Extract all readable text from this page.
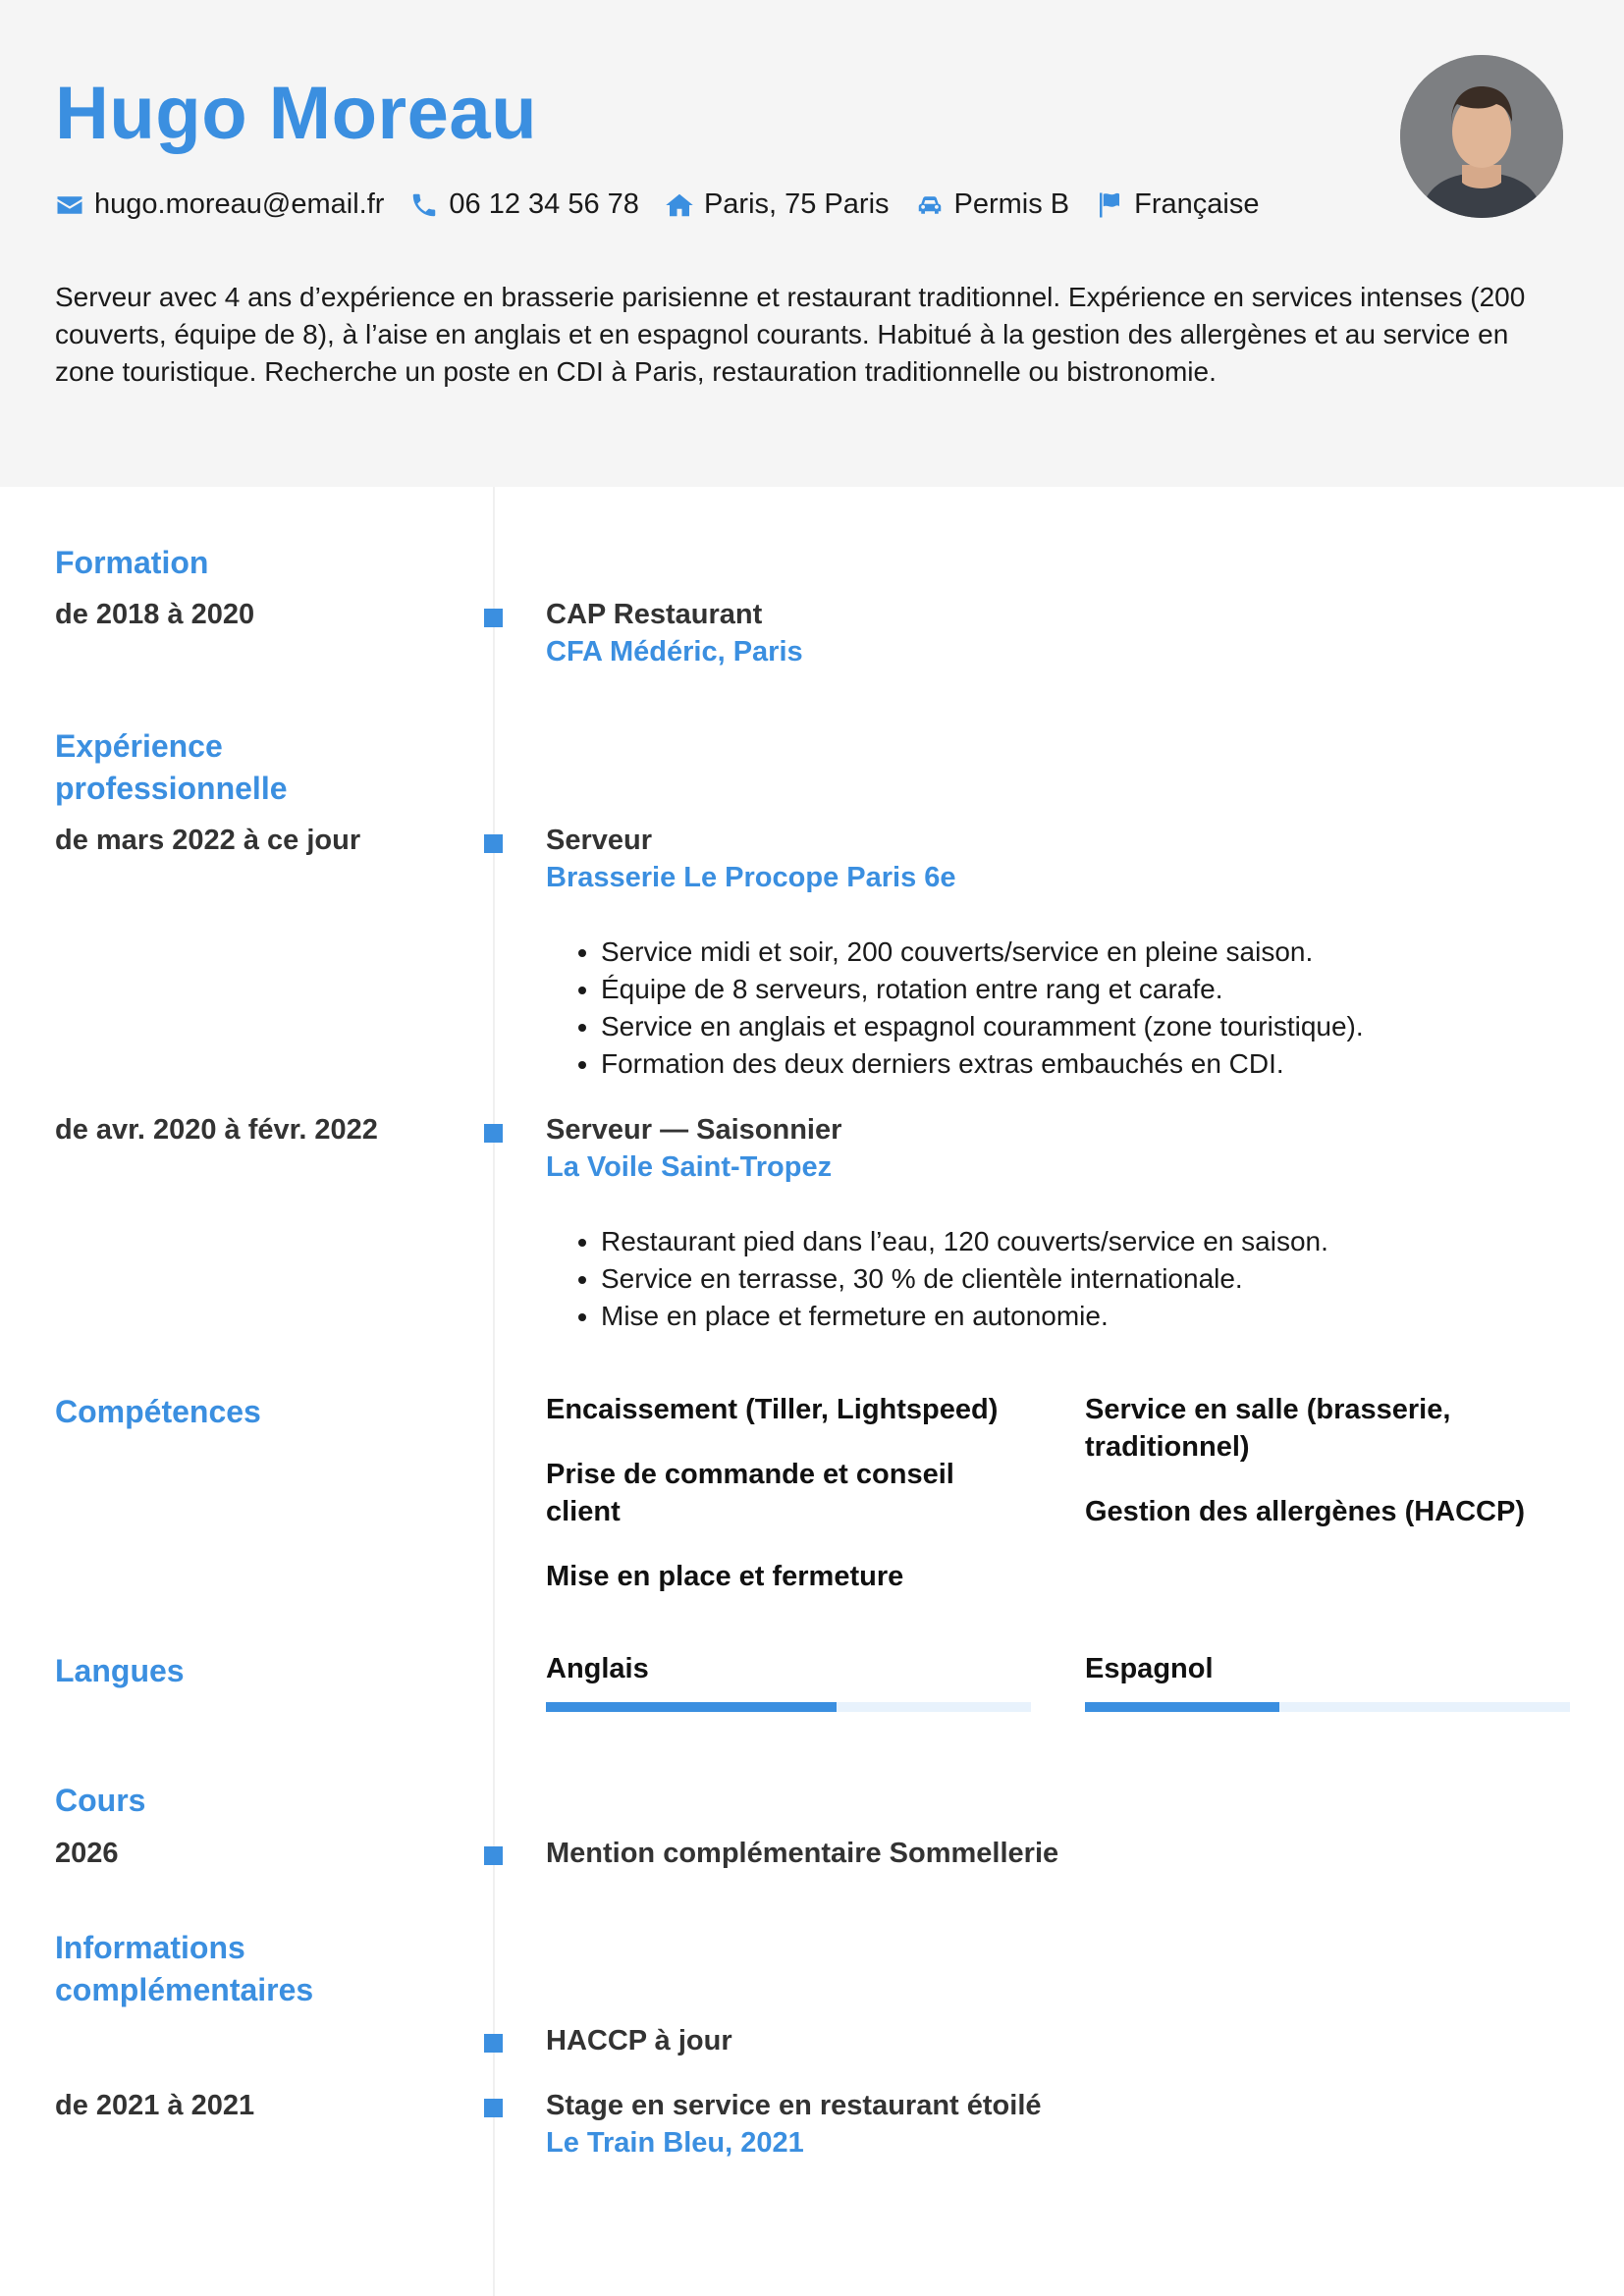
Hugo Moreau
hugo.moreau@email.fr 06 12 34 56 78 Paris, 75 Paris Permis B Française
Serveur avec 4 ans d’expérience en brasserie parisienne et restaurant traditionnel. Expérience en services intenses (200 couverts, équipe de 8), à l’aise en anglais et en espagnol courants. Habitué à la gestion des allergènes et au service en zone touristique. Recherche un poste en CDI à Paris, restauration traditionnelle ou bistronomie.
Formation
de 2018 à 2020	CAP Restaurant
CFA Médéric, Paris
Expérience
professionnelle
de mars 2022 à ce jour	Serveur
Brasserie Le Procope Paris 6e
• Service midi et soir, 200 couverts/service en pleine saison.
• Équipe de 8 serveurs, rotation entre rang et carafe.
• Service en anglais et espagnol couramment (zone touristique).
• Formation des deux derniers extras embauchés en CDI.
de avr. 2020 à févr. 2022	Serveur — Saisonnier
La Voile Saint-Tropez
• Restaurant pied dans l’eau, 120 couverts/service en saison.
• Service en terrasse, 30 % de clientèle internationale.
• Mise en place et fermeture en autonomie.
Compétences	Encaissement (Tiller, Lightspeed)	Service en salle (brasserie, traditionnel)
Prise de commande et conseil client	Gestion des allergènes (HACCP)
Mise en place et fermeture
Langues	Anglais	Espagnol
Cours
2026	Mention complémentaire Sommellerie
Informations
complémentaires
HACCP à jour
de 2021 à 2021	Stage en service en restaurant étoilé
Le Train Bleu, 2021
